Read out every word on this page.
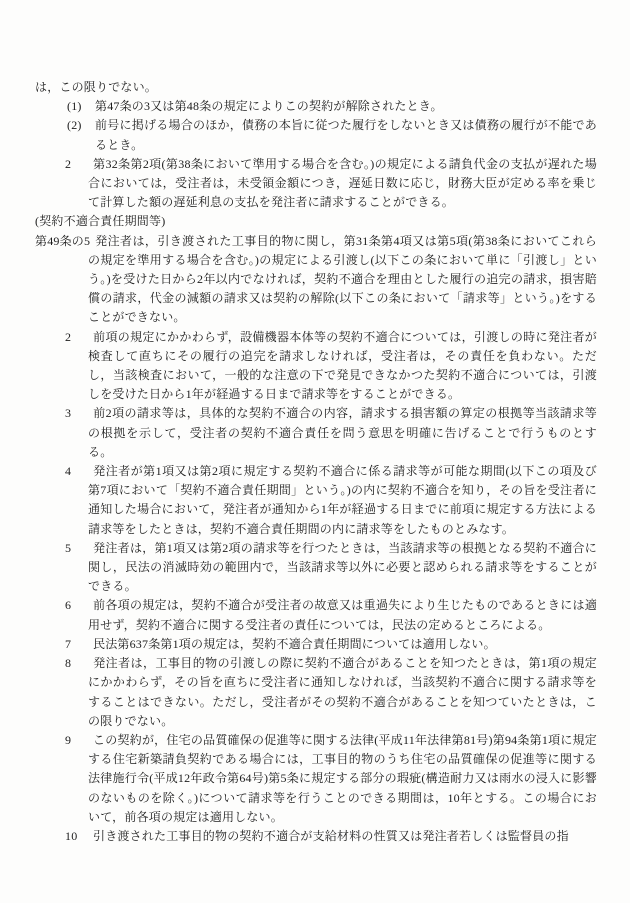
は，この限りでない。

(1) 第47条の3又は第48条の規定によりこの契約が解除されたとき。

(2) 前号に掲げる場合のほか，債務の本旨に従つた履行をしないとき又は債務の履行が不能であるとき。

2 第32条第2項(第38条において準用する場合を含む。)の規定による請負代金の支払が遅れた場合においては，受注者は，未受領金額につき，遅延日数に応じ，財務大臣が定める率を乗じて計算した額の遅延利息の支払を発注者に請求することができる。

(契約不適合責任期間等)

第49条の5 発注者は，引き渡された工事目的物に関し，第31条第4項又は第5項(第38条においてこれらの規定を準用する場合を含む。)の規定による引渡し(以下この条において単に「引渡し」という。)を受けた日から2年以内でなければ，契約不適合を理由とした履行の追完の請求，損害賠償の請求，代金の減額の請求又は契約の解除(以下この条において「請求等」という。)をすることができない。

2 前項の規定にかかわらず，設備機器本体等の契約不適合については，引渡しの時に発注者が検査して直ちにその履行の追完を請求しなければ，受注者は，その責任を負わない。ただし，当該検査において，一般的な注意の下で発見できなかつた契約不適合については，引渡しを受けた日から1年が経過する日まで請求等をすることができる。

3 前2項の請求等は，具体的な契約不適合の内容，請求する損害額の算定の根拠等当該請求等の根拠を示して，受注者の契約不適合責任を問う意思を明確に告げることで行うものとする。

4 発注者が第1項又は第2項に規定する契約不適合に係る請求等が可能な期間(以下この項及び第7項において「契約不適合責任期間」という。)の内に契約不適合を知り，その旨を受注者に通知した場合において，発注者が通知から1年が経過する日までに前項に規定する方法による請求等をしたときは，契約不適合責任期間の内に請求等をしたものとみなす。

5 発注者は，第1項又は第2項の請求等を行つたときは，当該請求等の根拠となる契約不適合に関し，民法の消滅時効の範囲内で，当該請求等以外に必要と認められる請求等をすることができる。

6 前各項の規定は，契約不適合が受注者の故意又は重過失により生じたものであるときには適用せず，契約不適合に関する受注者の責任については，民法の定めるところによる。

7 民法第637条第1項の規定は，契約不適合責任期間については適用しない。

8 発注者は，工事目的物の引渡しの際に契約不適合があることを知つたときは，第1項の規定にかかわらず，その旨を直ちに受注者に通知しなければ，当該契約不適合に関する請求等をすることはできない。ただし，受注者がその契約不適合があることを知つていたときは，この限りでない。

9 この契約が，住宅の品質確保の促進等に関する法律(平成11年法律第81号)第94条第1項に規定する住宅新築請負契約である場合には，工事目的物のうち住宅の品質確保の促進等に関する法律施行令(平成12年政令第64号)第5条に規定する部分の瑕疵(構造耐力又は雨水の浸入に影響のないものを除く。)について請求等を行うことのできる期間は，10年とする。この場合において，前各項の規定は適用しない。

10 引き渡された工事目的物の契約不適合が支給材料の性質又は発注者若しくは監督員の指
